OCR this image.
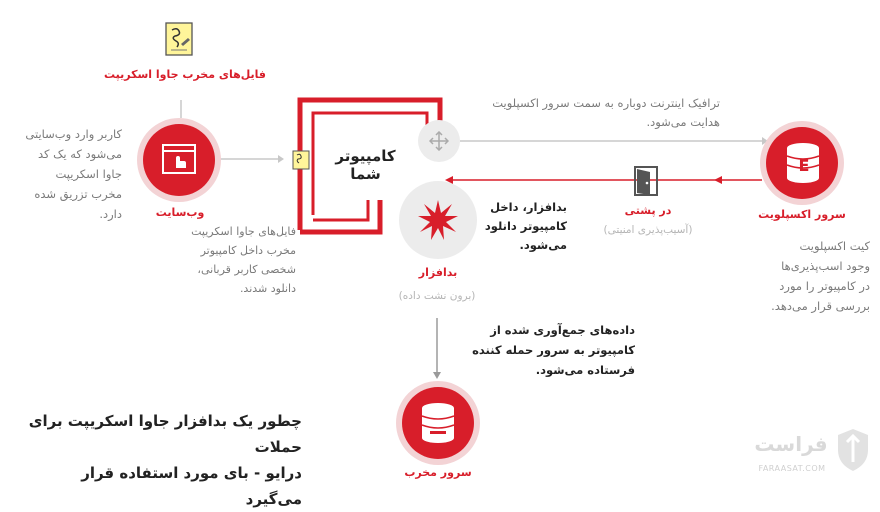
فایل‌های مخرب جاوا اسکریپت
وب‌سایت
کاربر وارد وب‌سایتی
می‌شود که یک کد
جاوا اسکریپت
مخرب تزریق شده
دارد.
کامپیوتر شما
ترافیک اینترنت دوباره به سمت سرور اکسپلویت
هدایت می‌شود.
بدافزار
(برون نشت داده)
بدافزار، داخل
کامپیوتر دانلود
می‌شود.
فایل‌های جاوا اسکریپت
مخرب داخل کامپیوتر
شخصی کاربر قربانی،
دانلود شدند.
در پشتی
(آسیب‌پذیری امنیتی)
E
سرور اکسپلویت
کیت اکسپلویت
وجود اسب‌پذیری‌ها
در کامپیوتر را مورد
بررسی قرار می‌دهد.
داده‌های جمع‌آوری شده از
کامپیوتر به سرور حمله کننده
فرستاده می‌شود.
سرور مخرب
چطور یک بدافزار جاوا اسکریپت برای حملات
درایو - بای مورد استفاده قرار می‌گیرد
فراست
FARAASAT.COM
